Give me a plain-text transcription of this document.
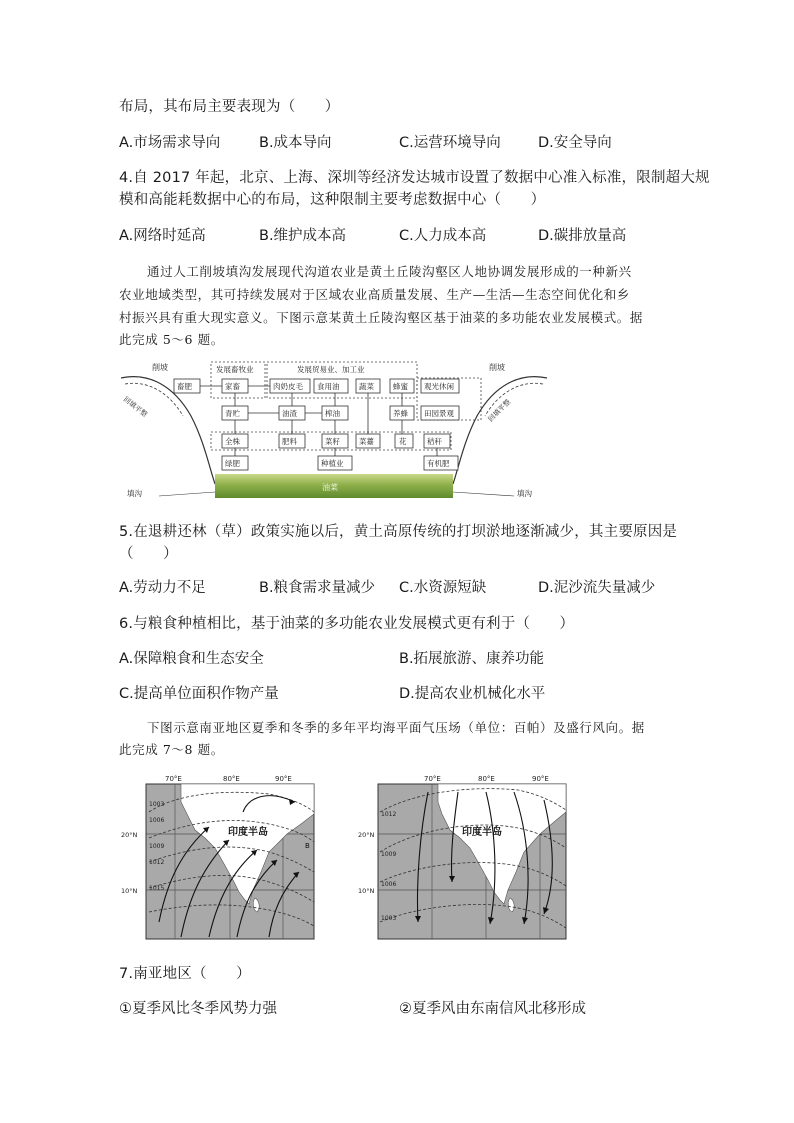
布局，其布局主要表现为（　　）
A.市场需求导向	B.成本导向	C.运营环境导向	D.安全导向
4.自 2017 年起，北京、上海、深圳等经济发达城市设置了数据中心准入标准，限制超大规
模和高能耗数据中心的布局，这种限制主要考虑数据中心（　　）
A.网络时延高	B.维护成本高	C.人力成本高	D.碳排放量高
通过人工削坡填沟发展现代沟道农业是黄土丘陵沟壑区人地协调发展形成的一种新兴
农业地域类型，其可持续发展对于区域农业高质量发展、生产—生活—生态空间优化和乡
村振兴具有重大现实意义。下图示意某黄土丘陵沟壑区基于油菜的多功能农业发展模式。据
此完成 5～6 题。
削坡	削坡
回填平整	回填平整
发展畜牧业	发展贸易业、加工业
畜肥	家畜	肉奶皮毛 食用油	蔬菜	蜂蜜 观光休闲
青贮	油渣	榨油	养蜂 田园景观
全株	肥料	菜籽	菜薹	花	秸秆
绿肥	种植业	有机肥
油菜
填沟	填沟
5.在退耕还林（草）政策实施以后，黄土高原传统的打坝淤地逐渐减少，其主要原因是
（　　）
A.劳动力不足	B.粮食需求量减少 C.水资源短缺	D.泥沙流失量减少
6.与粮食种植相比，基于油菜的多功能农业发展模式更有利于（　　）
A.保障粮食和生态安全	B.拓展旅游、康养功能
C.提高单位面积作物产量	D.提高农业机械化水平
下图示意南亚地区夏季和冬季的多年平均海平面气压场（单位：百帕）及盛行风向。据
此完成 7～8 题。
70°E	80°E	90°E
20°N
10°N
1003
1006
1009
1012
1015
印度半岛
B
70°E	80°E	90°E
20°N
10°N
1012
1009
1006
1003
印度半岛
7.南亚地区（　　）
①夏季风比冬季风势力强	②夏季风由东南信风北移形成
